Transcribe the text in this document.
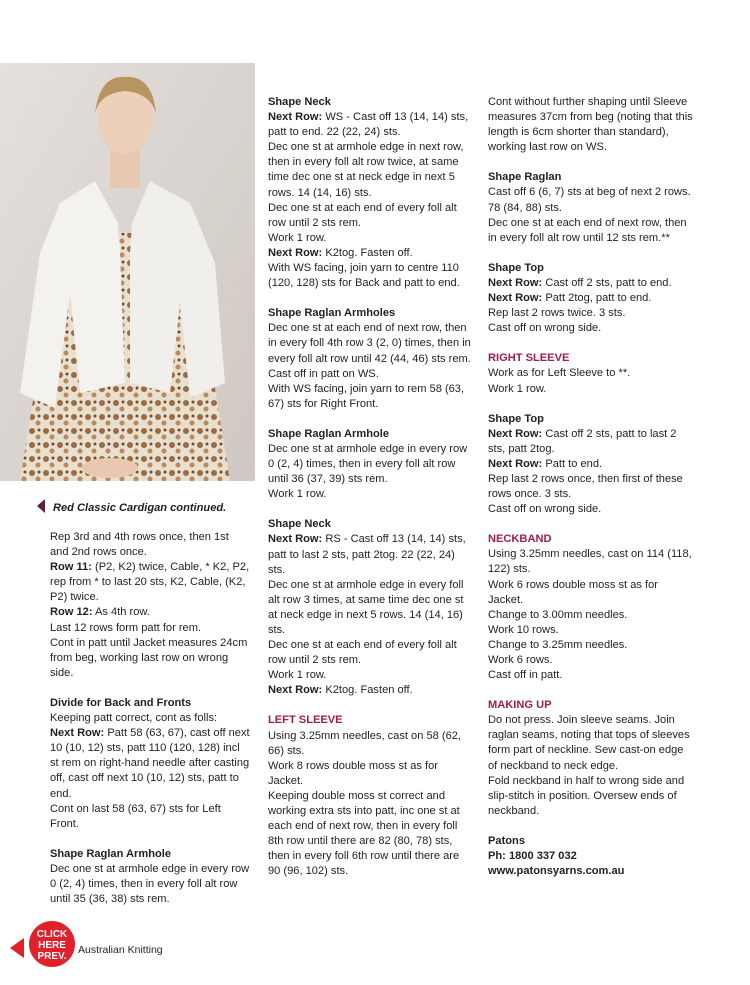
Red Classic Cardigan continued.

Rep 3rd and 4th rows once, then 1st and 2nd rows once.

Row 11: (P2, K2) twice, Cable, * K2, P2, rep from * to last 20 sts, K2, Cable, (K2, P2) twice.

Row 12: As 4th row.

Last 12 rows form patt for rem.

Cont in patt until Jacket measures 24cm from beg, working last row on wrong side.

Divide for Back and Fronts

Keeping patt correct, cont as folls:

Next Row: Patt 58 (63, 67), cast off next 10 (10, 12) sts, patt 110 (120, 128) incl st rem on right-hand needle after casting off, cast off next 10 (10, 12) sts, patt to end.

Cont on last 58 (63, 67) sts for Left Front.

Shape Raglan Armhole

Dec one st at armhole edge in every row 0 (2, 4) times, then in every foll alt row until 35 (36, 38) sts rem.

Shape Neck

Next Row: WS - Cast off 13 (14, 14) sts, patt to end. 22 (22, 24) sts.

Dec one st at armhole edge in next row, then in every foll alt row twice, at same time dec one st at neck edge in next 5 rows. 14 (14, 16) sts.

Dec one st at each end of every foll alt row until 2 sts rem.

Work 1 row.

Next Row: K2tog. Fasten off.

With WS facing, join yarn to centre 110 (120, 128) sts for Back and patt to end.

Shape Raglan Armholes

Dec one st at each end of next row, then in every foll 4th row 3 (2, 0) times, then in every foll alt row until 42 (44, 46) sts rem.

Cast off in patt on WS.

With WS facing, join yarn to rem 58 (63, 67) sts for Right Front.

Shape Raglan Armhole

Dec one st at armhole edge in every row 0 (2, 4) times, then in every foll alt row until 36 (37, 39) sts rem.

Work 1 row.

Shape Neck

Next Row: RS - Cast off 13 (14, 14) sts, patt to last 2 sts, patt 2tog. 22 (22, 24) sts.

Dec one st at armhole edge in every foll alt row 3 times, at same time dec one st at neck edge in next 5 rows. 14 (14, 16) sts.

Dec one st at each end of every foll alt row until 2 sts rem.

Work 1 row.

Next Row: K2tog. Fasten off.

LEFT SLEEVE

Using 3.25mm needles, cast on 58 (62, 66) sts.

Work 8 rows double moss st as for Jacket.

Keeping double moss st correct and working extra sts into patt, inc one st at each end of next row, then in every foll 8th row until there are 82 (80, 78) sts, then in every foll 6th row until there are 90 (96, 102) sts.

Cont without further shaping until Sleeve measures 37cm from beg (noting that this length is 6cm shorter than standard), working last row on WS.

Shape Raglan

Cast off 6 (6, 7) sts at beg of next 2 rows. 78 (84, 88) sts.

Dec one st at each end of next row, then in every foll alt row until 12 sts rem.**

Shape Top

Next Row: Cast off 2 sts, patt to end.

Next Row: Patt 2tog, patt to end.

Rep last 2 rows twice. 3 sts.

Cast off on wrong side.

RIGHT SLEEVE

Work as for Left Sleeve to **.

Work 1 row.

Shape Top

Next Row: Cast off 2 sts, patt to last 2 sts, patt 2tog.

Next Row: Patt to end.

Rep last 2 rows once, then first of these rows once. 3 sts.

Cast off on wrong side.

NECKBAND

Using 3.25mm needles, cast on 114 (118, 122) sts.

Work 6 rows double moss st as for Jacket.

Change to 3.00mm needles.

Work 10 rows.

Change to 3.25mm needles.

Work 6 rows.

Cast off in patt.

MAKING UP

Do not press. Join sleeve seams. Join raglan seams, noting that tops of sleeves form part of neckline. Sew cast-on edge of neckband to neck edge.

Fold neckband in half to wrong side and slip-stitch in position. Oversew ends of neckband.

Patons

Ph: 1800 337 032

www.patonsyarns.com.au

CLICK
HERE
PREV.
Australian Knitting
